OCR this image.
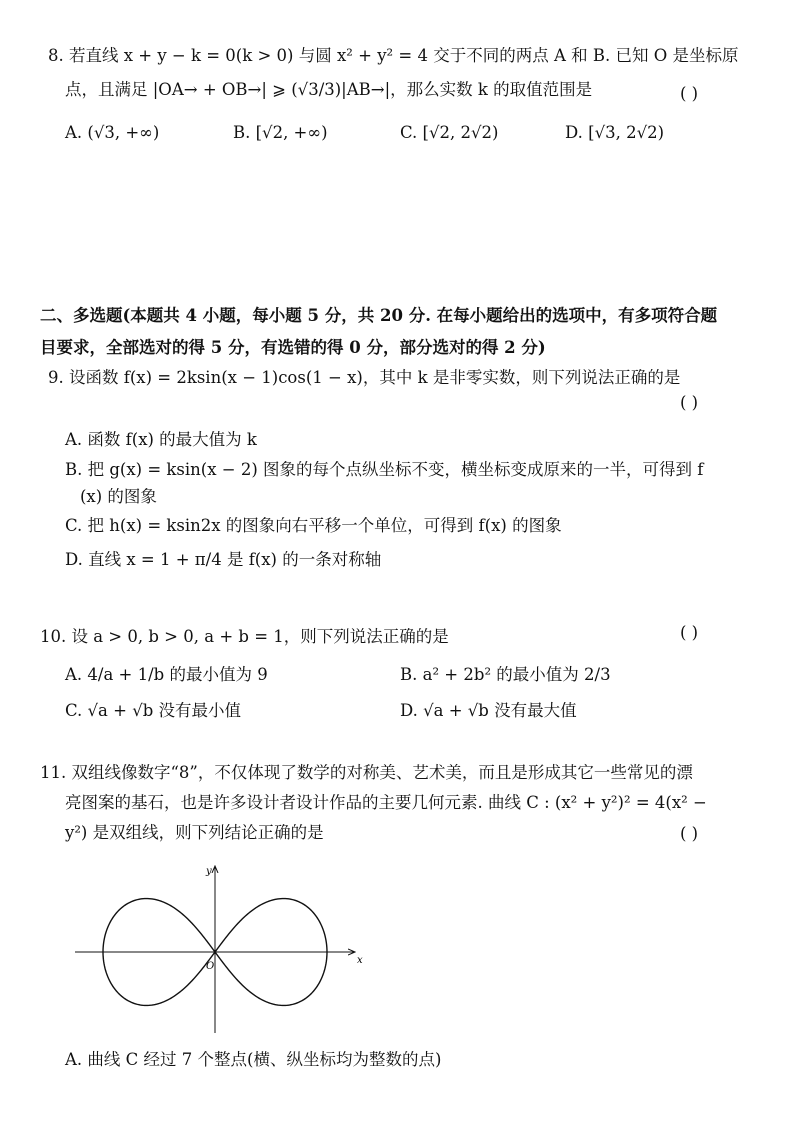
8. 若直线 x + y − k = 0(k > 0) 与圆 x² + y² = 4 交于不同的两点 A 和 B. 已知 O 是坐标原
点，且满足 |OA→ + OB→| ⩾ (√3/3)|AB→|，那么实数 k 的取值范围是	( )
A. (√3, +∞)	B. [√2, +∞)	C. [√2, 2√2)	D. [√3, 2√2)
二、多选题(本题共 4 小题，每小题 5 分，共 20 分. 在每小题给出的选项中，有多项符合题
目要求，全部选对的得 5 分，有选错的得 0 分，部分选对的得 2 分)
9. 设函数 f(x) = 2ksin(x − 1)cos(1 − x)，其中 k 是非零实数，则下列说法正确的是
( )
A. 函数 f(x) 的最大值为 k
B. 把 g(x) = ksin(x − 2) 图象的每个点纵坐标不变，横坐标变成原来的一半，可得到 f
(x) 的图象
C. 把 h(x) = ksin2x 的图象向右平移一个单位，可得到 f(x) 的图象
D. 直线 x = 1 + π/4 是 f(x) 的一条对称轴
10. 设 a > 0, b > 0, a + b = 1，则下列说法正确的是	( )
A. 4/a + 1/b 的最小值为 9	B. a² + 2b² 的最小值为 2/3
C. √a + √b 没有最小值	D. √a + √b 没有最大值
11. 双组线像数字“8”，不仅体现了数学的对称美、艺术美，而且是形成其它一些常见的漂
亮图案的基石，也是许多设计者设计作品的主要几何元素. 曲线 C : (x² + y²)² = 4(x² −
y²) 是双组线，则下列结论正确的是	( )
x
y
O
A. 曲线 C 经过 7 个整点(横、纵坐标均为整数的点)
